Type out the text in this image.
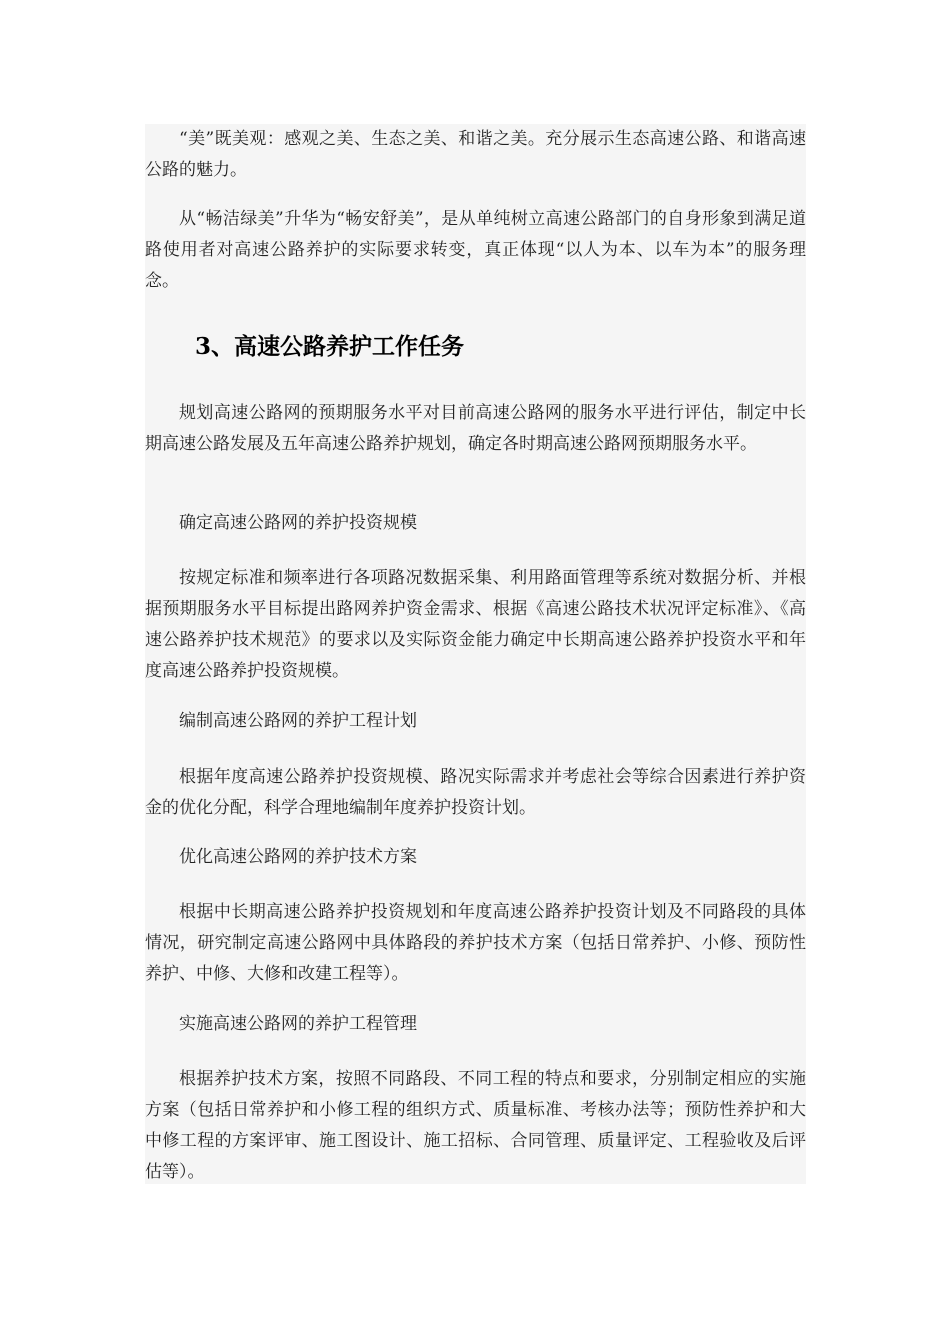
“美”既美观：感观之美、生态之美、和谐之美。充分展示生态高速公路、和谐高速公路的魅力。

从“畅洁绿美”升华为“畅安舒美”，是从单纯树立高速公路部门的自身形象到满足道路使用者对高速公路养护的实际要求转变，真正体现“以人为本、以车为本”的服务理念。

3、高速公路养护工作任务

规划高速公路网的预期服务水平对目前高速公路网的服务水平进行评估，制定中长期高速公路发展及五年高速公路养护规划，确定各时期高速公路网预期服务水平。

确定高速公路网的养护投资规模

按规定标准和频率进行各项路况数据采集、利用路面管理等系统对数据分析、并根据预期服务水平目标提出路网养护资金需求、根据《高速公路技术状况评定标准》、《高速公路养护技术规范》的要求以及实际资金能力确定中长期高速公路养护投资水平和年度高速公路养护投资规模。

编制高速公路网的养护工程计划

根据年度高速公路养护投资规模、路况实际需求并考虑社会等综合因素进行养护资金的优化分配，科学合理地编制年度养护投资计划。

优化高速公路网的养护技术方案

根据中长期高速公路养护投资规划和年度高速公路养护投资计划及不同路段的具体情况，研究制定高速公路网中具体路段的养护技术方案（包括日常养护、小修、预防性养护、中修、大修和改建工程等）。

实施高速公路网的养护工程管理

根据养护技术方案，按照不同路段、不同工程的特点和要求，分别制定相应的实施方案（包括日常养护和小修工程的组织方式、质量标准、考核办法等；预防性养护和大中修工程的方案评审、施工图设计、施工招标、合同管理、质量评定、工程验收及后评估等）。
